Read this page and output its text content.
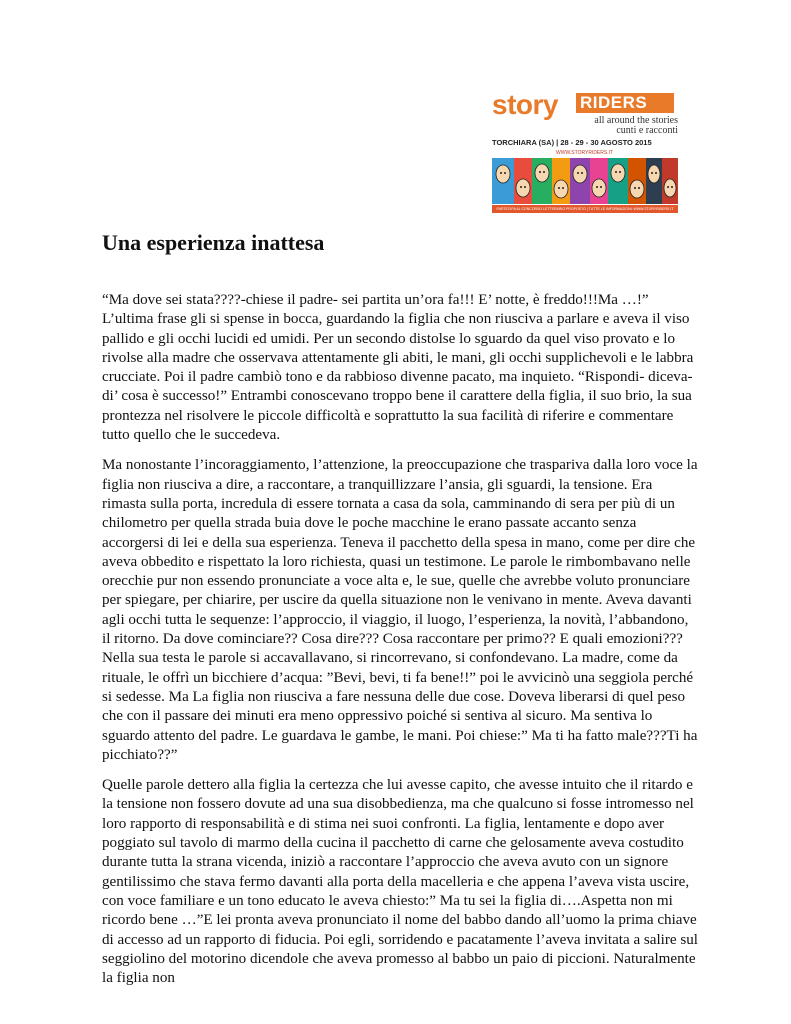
story RIDERS
all around the stories
cunti e racconti
TORCHIARA (SA) | 28 - 29 - 30 AGOSTO 2015
WWW.STORYRIDERS.IT
PARTECIPA AL CONCORSO LETTERARIO PROPOSTO | TUTTE LE INFORMAZIONI: WWW.STORYRIDERS.IT
Una esperienza inattesa

“Ma dove sei stata????-chiese il padre- sei partita un’ora fa!!! E’ notte, è freddo!!!Ma …!” L’ultima frase gli si spense in bocca, guardando la figlia che non riusciva a parlare e aveva il viso pallido e gli occhi lucidi ed umidi. Per un secondo distolse lo sguardo da quel viso provato e lo rivolse alla madre che osservava attentamente gli abiti, le mani, gli occhi supplichevoli e le labbra crucciate. Poi il padre cambiò tono e da rabbioso divenne pacato, ma inquieto. “Rispondi- diceva- di’ cosa è successo!” Entrambi conoscevano troppo bene il carattere della figlia, il suo brio, la sua prontezza nel risolvere le piccole difficoltà e soprattutto la sua facilità di riferire e commentare tutto quello che le succedeva.

Ma nonostante l’incoraggiamento, l’attenzione, la preoccupazione che traspariva dalla loro voce la figlia non riusciva a dire, a raccontare, a tranquillizzare l’ansia, gli sguardi, la tensione. Era rimasta sulla porta, incredula di essere tornata a casa da sola, camminando di sera per più di un chilometro per quella strada buia dove le poche macchine le erano passate accanto senza accorgersi di lei e della sua esperienza. Teneva il pacchetto della spesa in mano, come per dire che aveva obbedito e rispettato la loro richiesta, quasi un testimone. Le parole le rimbombavano nelle orecchie pur non essendo pronunciate a voce alta e, le sue, quelle che avrebbe voluto pronunciare per spiegare, per chiarire, per uscire da quella situazione non le venivano in mente. Aveva davanti agli occhi tutta le sequenze: l’approccio, il viaggio, il luogo, l’esperienza, la novità, l’abbandono, il ritorno. Da dove cominciare?? Cosa dire??? Cosa raccontare per primo?? E quali emozioni??? Nella sua testa le parole si accavallavano, si rincorrevano, si confondevano. La madre, come da rituale, le offrì un bicchiere d’acqua: ”Bevi, bevi, ti fa bene!!” poi le avvicinò una seggiola perché si sedesse. Ma La figlia non riusciva a fare nessuna delle due cose. Doveva liberarsi di quel peso che con il passare dei minuti era meno oppressivo poiché si sentiva al sicuro. Ma sentiva lo sguardo attento del padre. Le guardava le gambe, le mani. Poi chiese:” Ma ti ha fatto male???Ti ha picchiato??”

Quelle parole dettero alla figlia la certezza che lui avesse capito, che avesse intuito che il ritardo e la tensione non fossero dovute ad una sua disobbedienza, ma che qualcuno si fosse intromesso nel loro rapporto di responsabilità e di stima nei suoi confronti. La figlia, lentamente e dopo aver poggiato sul tavolo di marmo della cucina il pacchetto di carne che gelosamente aveva costudito durante tutta la strana vicenda, iniziò a raccontare l’approccio che aveva avuto con un signore gentilissimo che stava fermo davanti alla porta della macelleria e che appena l’aveva vista uscire, con voce familiare e un tono educato le aveva chiesto:” Ma tu sei la figlia di….Aspetta non mi ricordo bene …”E lei pronta aveva pronunciato il nome del babbo dando all’uomo la prima chiave di accesso ad un rapporto di fiducia. Poi egli, sorridendo e pacatamente l’aveva invitata a salire sul seggiolino del motorino dicendole che aveva promesso al babbo un paio di piccioni. Naturalmente la figlia non
